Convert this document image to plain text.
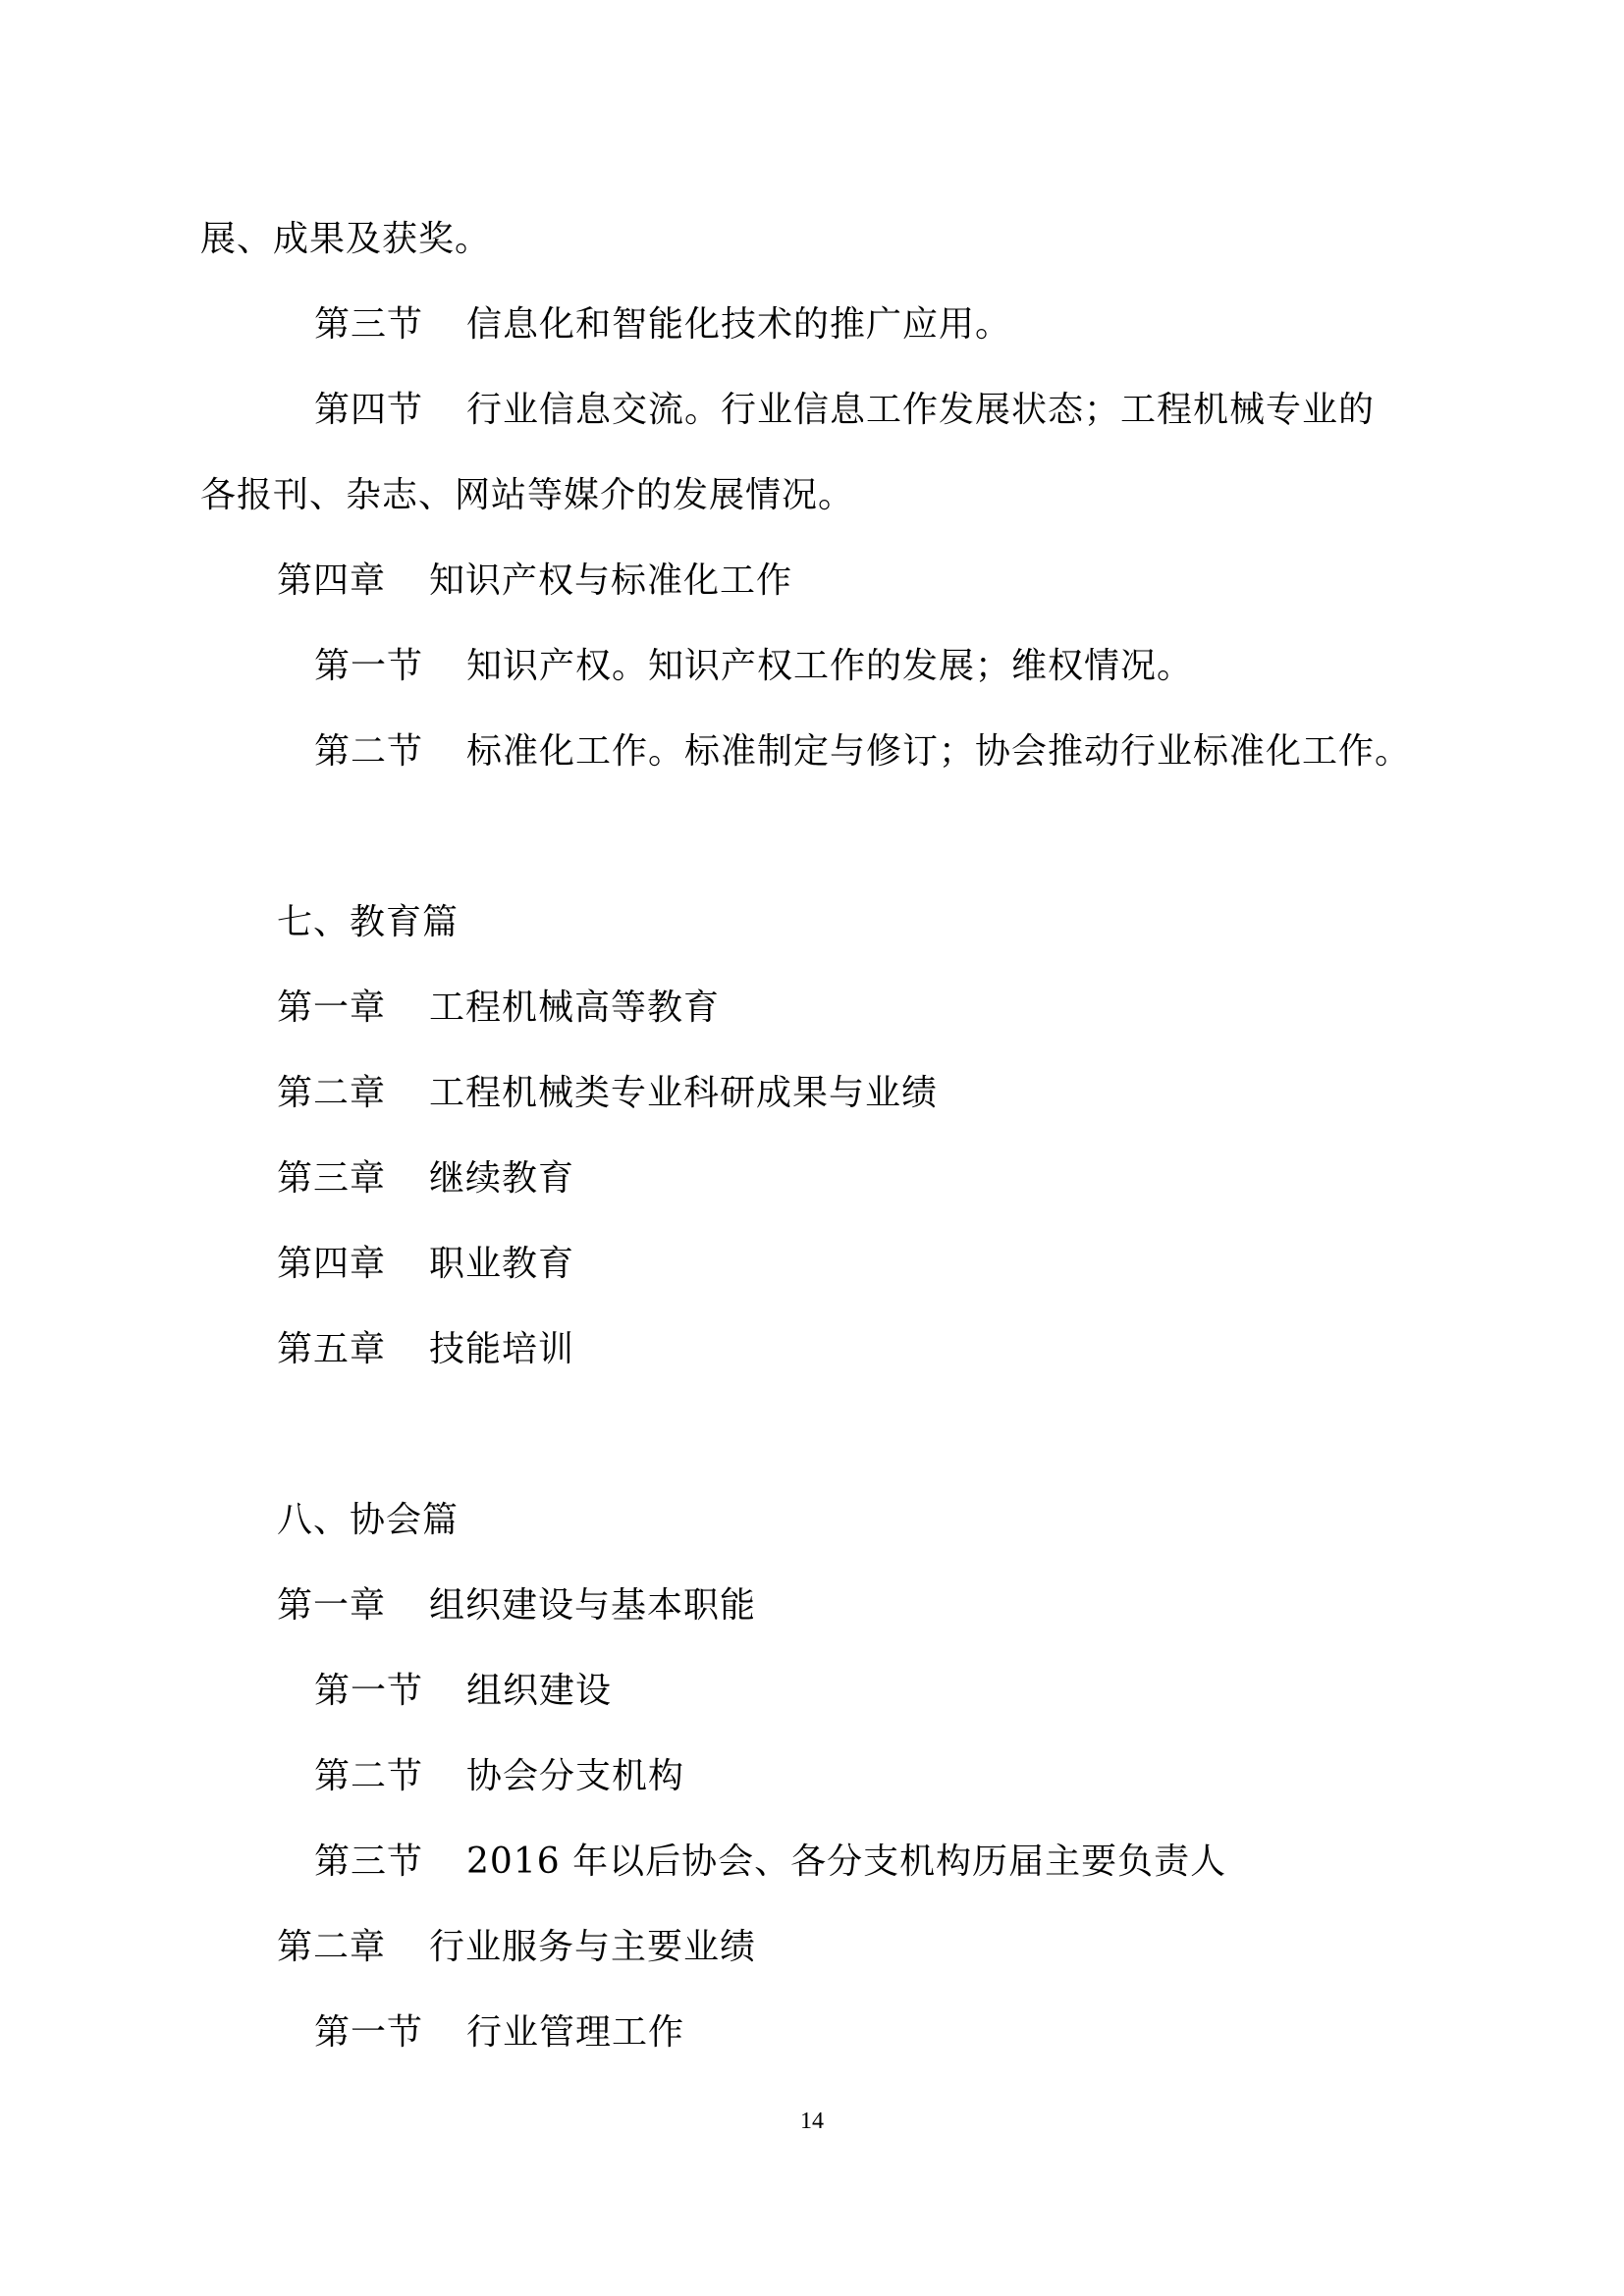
展、成果及获奖。
第三节 信息化和智能化技术的推广应用。
第四节 行业信息交流。行业信息工作发展状态；工程机械专业的
各报刊、杂志、网站等媒介的发展情况。
第四章 知识产权与标准化工作
第一节 知识产权。知识产权工作的发展；维权情况。
第二节 标准化工作。标准制定与修订；协会推动行业标准化工作。
七、教育篇
第一章 工程机械高等教育
第二章 工程机械类专业科研成果与业绩
第三章 继续教育
第四章 职业教育
第五章 技能培训
八、协会篇
第一章 组织建设与基本职能
第一节 组织建设
第二节 协会分支机构
第三节 2016 年以后协会、各分支机构历届主要负责人
第二章 行业服务与主要业绩
第一节 行业管理工作
14
